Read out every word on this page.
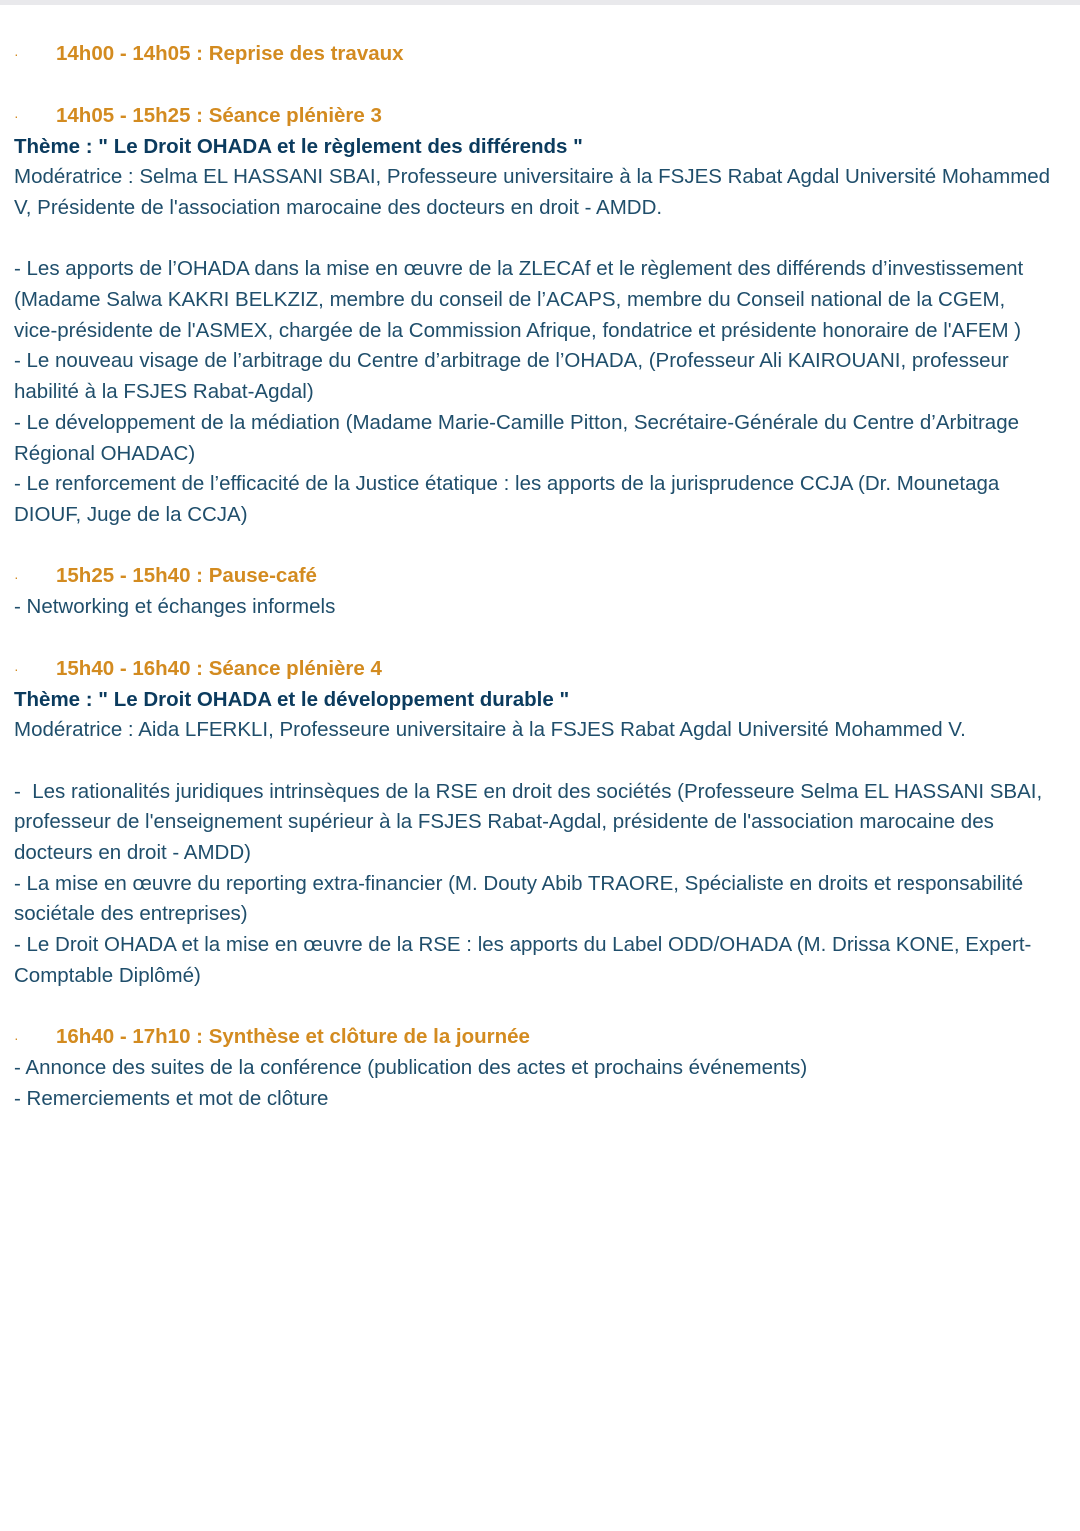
· 14h00 - 14h05 : Reprise des travaux
· 14h05 - 15h25 : Séance plénière 3
Thème : " Le Droit OHADA et le règlement des différends "

Modératrice : Selma EL HASSANI SBAI, Professeure universitaire à la FSJES Rabat Agdal Université Mohammed V, Présidente de l'association marocaine des docteurs en droit - AMDD.

- Les apports de l’OHADA dans la mise en œuvre de la ZLECAf et le règlement des différends d’investissement (Madame Salwa KAKRI BELKZIZ, membre du conseil de l’ACAPS, membre du Conseil national de la CGEM, vice-présidente de l'ASMEX, chargée de la Commission Afrique, fondatrice et présidente honoraire de l'AFEM )

- Le nouveau visage de l’arbitrage du Centre d’arbitrage de l’OHADA, (Professeur Ali KAIROUANI, professeur habilité à la FSJES Rabat-Agdal)

- Le développement de la médiation (Madame Marie-Camille Pitton, Secrétaire-Générale du Centre d’Arbitrage Régional OHADAC)

- Le renforcement de l’efficacité de la Justice étatique : les apports de la jurisprudence CCJA (Dr. Mounetaga DIOUF, Juge de la CCJA)

· 15h25 - 15h40 : Pause-café

- Networking et échanges informels

· 15h40 - 16h40 : Séance plénière 4
Thème : " Le Droit OHADA et le développement durable "

Modératrice : Aida LFERKLI, Professeure universitaire à la FSJES Rabat Agdal Université Mohammed V.

-  Les rationalités juridiques intrinsèques de la RSE en droit des sociétés (Professeure Selma EL HASSANI SBAI, professeur de l'enseignement supérieur à la FSJES Rabat-Agdal, présidente de l'association marocaine des docteurs en droit - AMDD)

- La mise en œuvre du reporting extra-financier (M. Douty Abib TRAORE, Spécialiste en droits et responsabilité sociétale des entreprises)

- Le Droit OHADA et la mise en œuvre de la RSE : les apports du Label ODD/OHADA (M. Drissa KONE, Expert-Comptable Diplômé)

· 16h40 - 17h10 : Synthèse et clôture de la journée

- Annonce des suites de la conférence (publication des actes et prochains événements)

- Remerciements et mot de clôture
